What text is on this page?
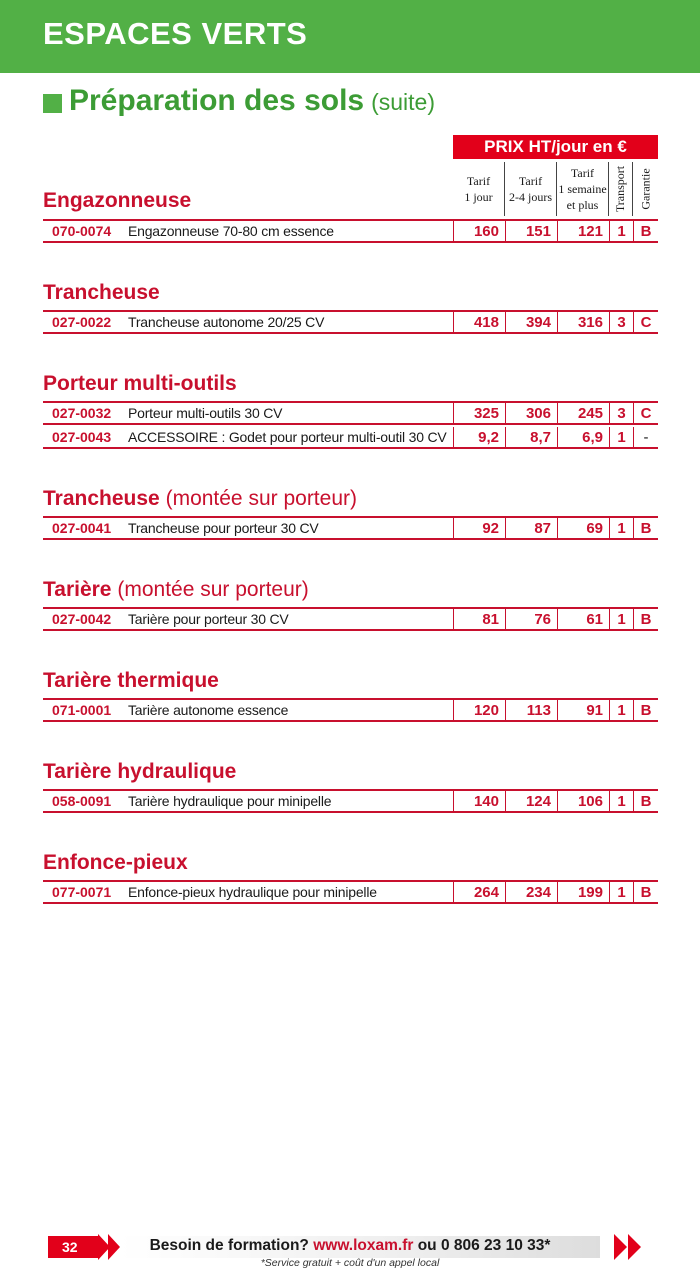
ESPACES VERTS
Préparation des sols (suite)
PRIX HT/jour en €
Tarif
1 jour
Tarif
2-4 jours
Tarif
1 semaine
et plus	Transport Garantie
Engazonneuse
070-0074 Engazonneuse 70-80 cm essence	160	151	121 1 B
Trancheuse
027-0022 Trancheuse autonome 20/25 CV	418	394	316 3 C
Porteur multi-outils
027-0032 Porteur multi-outils 30 CV	325	306	245 3 C
027-0043 ACCESSOIRE : Godet pour porteur multi-outil 30 CV	9,2	8,7	6,9 1	-
Trancheuse (montée sur porteur)
027-0041 Trancheuse pour porteur 30 CV	92	87	69 1 B
Tarière (montée sur porteur)
027-0042 Tarière pour porteur 30 CV	81	76	61 1 B
Tarière thermique
071-0001 Tarière autonome essence	120	113	91 1 B
Tarière hydraulique
058-0091 Tarière hydraulique pour minipelle	140	124	106 1 B
Enfonce-pieux
077-0071 Enfonce-pieux hydraulique pour minipelle	264	234	199 1 B
32	Besoin de formation? www.loxam.fr ou 0 806 23 10 33*
*Service gratuit + coût d'un appel local
